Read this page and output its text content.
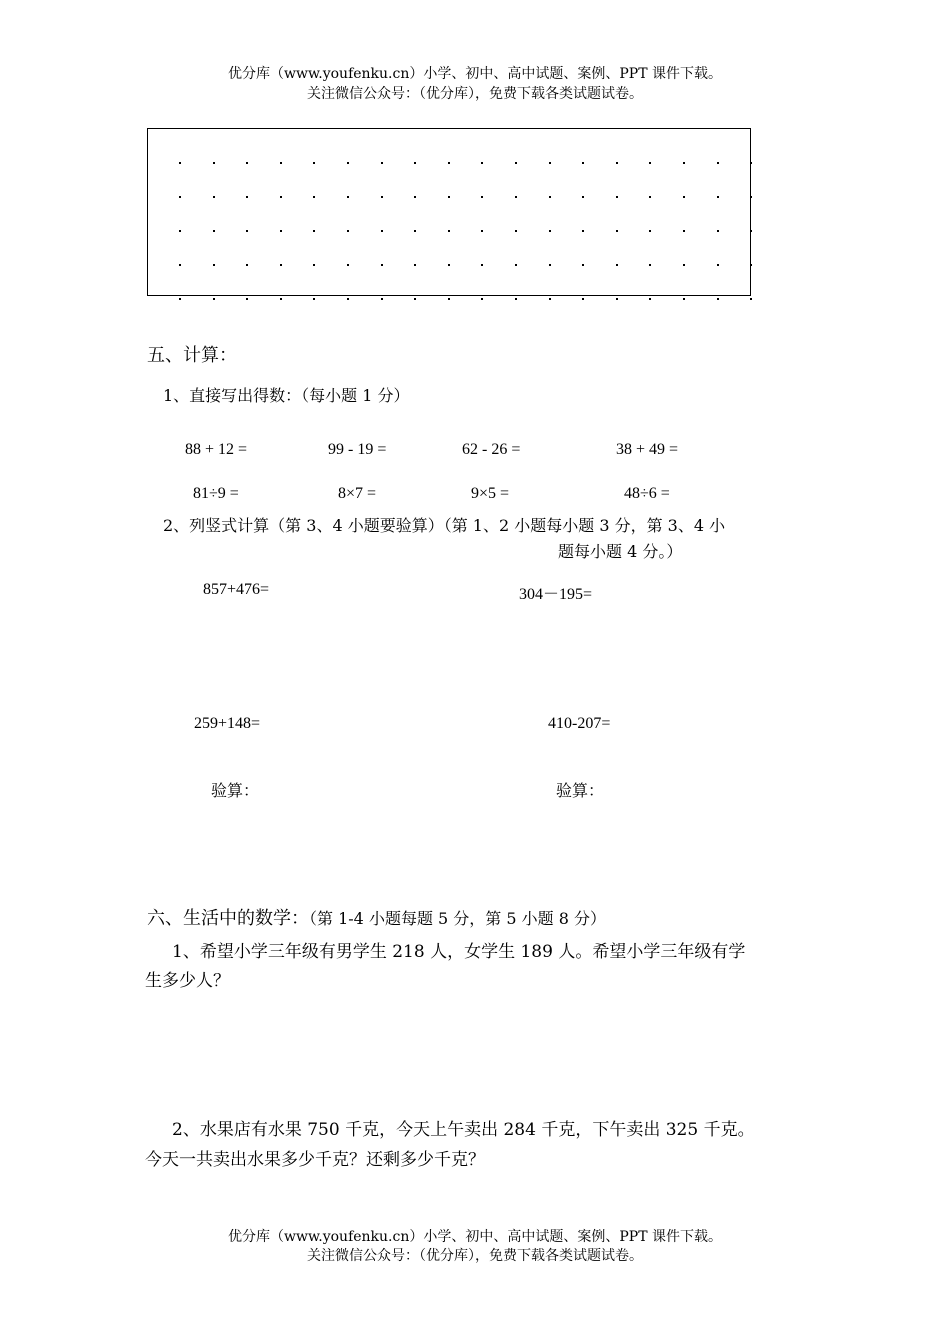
优分库（www.youfenku.cn）小学、初中、高中试题、案例、PPT 课件下载。
关注微信公众号：（优分库），免费下载各类试题试卷。
五、计算：
1、直接写出得数：（每小题 1 分）
88 + 12 =	99 - 19 =	62 - 26 =	38 + 49 =
81÷9 =	8×7 =	9×5 =	48÷6 =
2、列竖式计算（第 3、4 小题要验算）（第 1、2 小题每小题 3 分，第 3、4 小
题每小题 4 分。）
857+476=	304－195=
259+148=	410-207=
验算：	验算：
六、生活中的数学：（第 1-4 小题每题 5 分，第 5 小题 8 分）
1、希望小学三年级有男学生 218 人，女学生 189 人。希望小学三年级有学
生多少人？
2、水果店有水果 750 千克，今天上午卖出 284 千克，下午卖出 325 千克。
今天一共卖出水果多少千克？还剩多少千克？
优分库（www.youfenku.cn）小学、初中、高中试题、案例、PPT 课件下载。
关注微信公众号：（优分库），免费下载各类试题试卷。
